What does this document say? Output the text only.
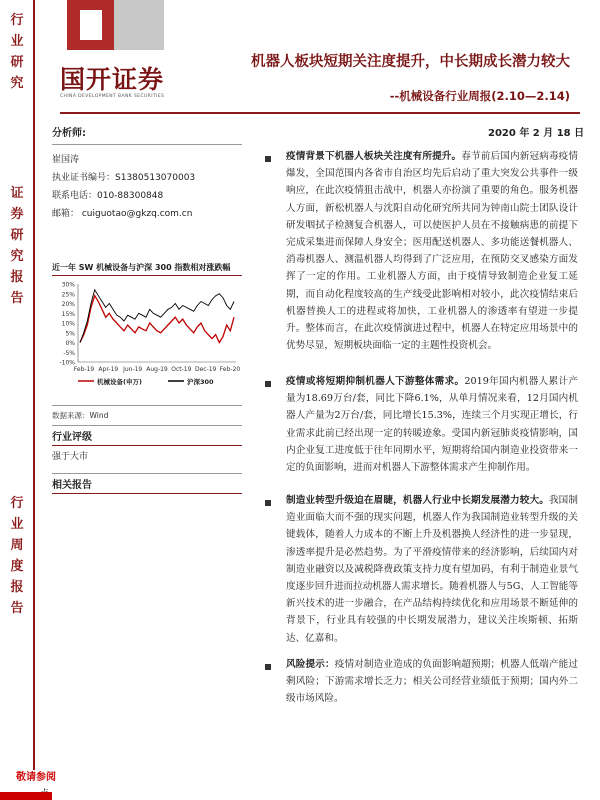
行业研究
证券研究报告
行业周度报告
国开证券
CHINA DEVELOPMENT BANK SECURITIES
机器人板块短期关注度提升，中长期成长潜力较大
--机械设备行业周报(2.10—2.14)
2020 年 2 月 18 日
分析师:
崔国涛
执业证书编号：S1380513070003
联系电话：010-88300848
邮箱： cuiguotao@gkzq.com.cn
近一年 SW 机械设备与沪深 300 指数相对涨跌幅
30%
25%
20%
15%
10%
5%
0%
-5%
-10%
Feb-19 Apr-19 Jun-19 Aug-19 Oct-19 Dec-19 Feb-20
机械设备(申万)	沪深300
数据来源：Wind
行业评级
强于大市
相关报告

疫情背景下机器人板块关注度有所提升。春节前后国内新冠病毒疫情爆发，全国范围内各省市自治区均先后启动了重大突发公共事件一级响应，在此次疫情狙击战中，机器人亦扮演了重要的角色。服务机器人方面，新松机器人与沈阳自动化研究所共同为钟南山院士团队设计研发咽拭子检测复合机器人，可以使医护人员在不接触病患的前提下完成采集进而保障人身安全；医用配送机器人、多功能送餐机器人、消毒机器人、测温机器人均得到了广泛应用，在预防交叉感染方面发挥了一定的作用。工业机器人方面，由于疫情导致制造企业复工延期，而自动化程度较高的生产线受此影响相对较小，此次疫情结束后机器替换人工的进程或将加快，工业机器人的渗透率有望进一步提升。整体而言，在此次疫情演进过程中，机器人在特定应用场景中的优势尽显，短期板块面临一定的主题性投资机会。

疫情或将短期抑制机器人下游整体需求。2019年国内机器人累计产量为18.69万台/套，同比下降6.1%，从单月情况来看，12月国内机器人产量为2万台/套，同比增长15.3%，连续三个月实现正增长，行业需求此前已经出现一定的转暖迹象。受国内新冠肺炎疫情影响，国内企业复工进度低于往年同期水平，短期将给国内制造业投资带来一定的负面影响，进而对机器人下游整体需求产生抑制作用。

制造业转型升级迫在眉睫，机器人行业中长期发展潜力较大。我国制造业面临大而不强的现实问题，机器人作为我国制造业转型升级的关键载体，随着人力成本的不断上升及机器换人经济性的进一步显现，渗透率提升是必然趋势。为了平滑疫情带来的经济影响，后续国内对制造业融资以及减税降费政策支持力度有望加码，有利于制造业景气度逐步回升进而拉动机器人需求增长。随着机器人与5G、人工智能等新兴技术的进一步融合，在产品结构持续优化和应用场景不断延伸的背景下，行业具有较强的中长期发展潜力，建议关注埃斯顿、拓斯达、亿嘉和。

风险提示：疫情对制造业造成的负面影响超预期；机器人低端产能过剩风险；下游需求增长乏力；相关公司经营业绩低于预期；国内外二级市场风险。

敬请参阅
